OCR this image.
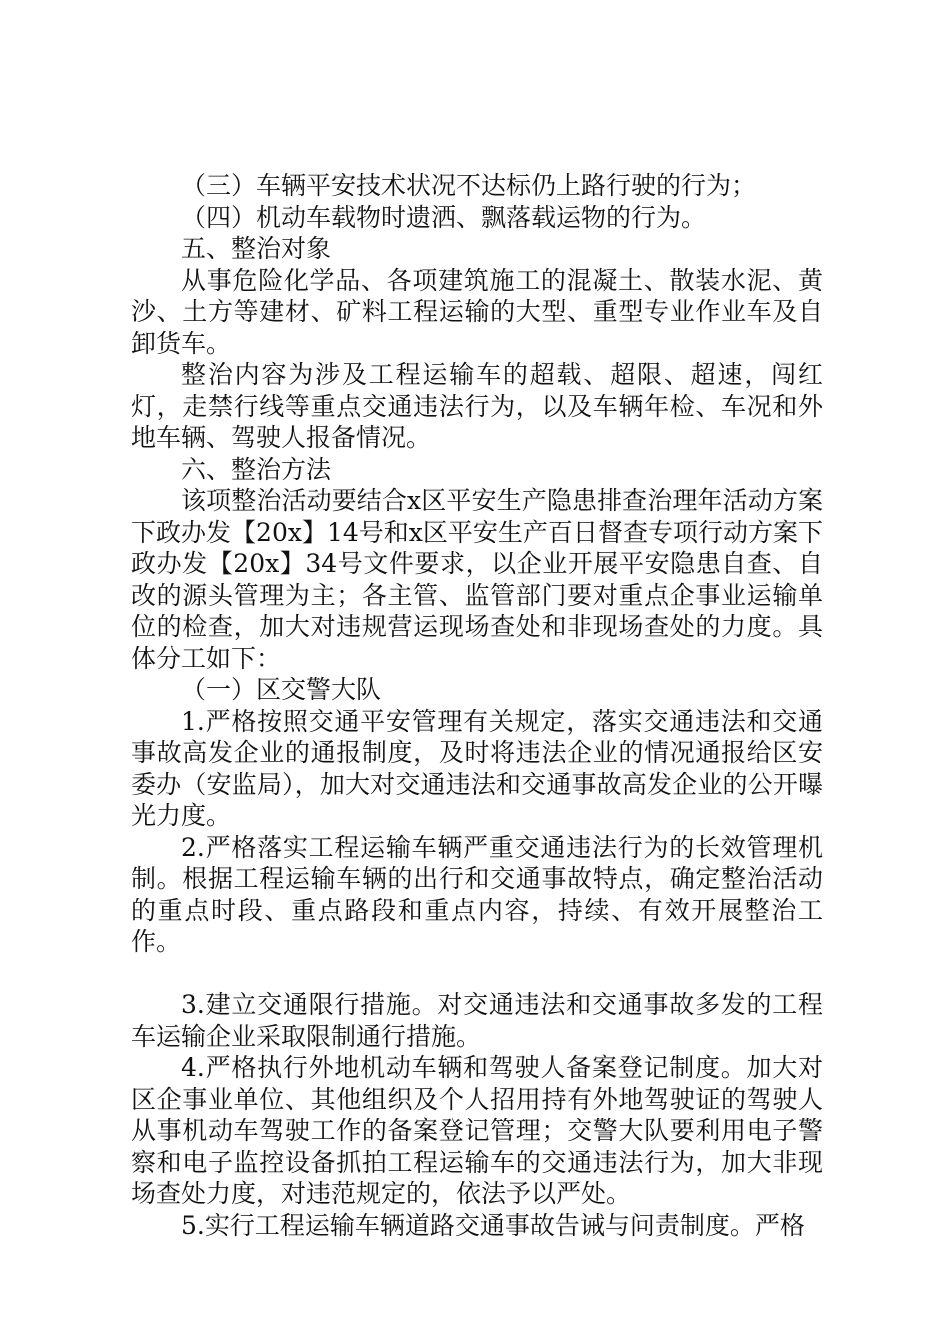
（三）车辆平安技术状况不达标仍上路行驶的行为；

（四）机动车载物时遗洒、飘落载运物的行为。

五、整治对象

从事危险化学品、各项建筑施工的混凝土、散装水泥、黄沙、土方等建材、矿料工程运输的大型、重型专业作业车及自卸货车。

整治内容为涉及工程运输车的超载、超限、超速，闯红灯，走禁行线等重点交通违法行为，以及车辆年检、车况和外地车辆、驾驶人报备情况。

六、整治方法

该项整治活动要结合x区平安生产隐患排查治理年活动方案下政办发【20x】14号和x区平安生产百日督查专项行动方案下政办发【20x】34号文件要求，以企业开展平安隐患自查、自改的源头管理为主；各主管、监管部门要对重点企事业运输单位的检查，加大对违规营运现场查处和非现场查处的力度。具体分工如下：

（一）区交警大队

1.严格按照交通平安管理有关规定，落实交通违法和交通事故高发企业的通报制度，及时将违法企业的情况通报给区安委办（安监局），加大对交通违法和交通事故高发企业的公开曝光力度。

2.严格落实工程运输车辆严重交通违法行为的长效管理机制。根据工程运输车辆的出行和交通事故特点，确定整治活动的重点时段、重点路段和重点内容，持续、有效开展整治工作。

3.建立交通限行措施。对交通违法和交通事故多发的工程车运输企业采取限制通行措施。

4.严格执行外地机动车辆和驾驶人备案登记制度。加大对区企事业单位、其他组织及个人招用持有外地驾驶证的驾驶人从事机动车驾驶工作的备案登记管理；交警大队要利用电子警察和电子监控设备抓拍工程运输车的交通违法行为，加大非现场查处力度，对违范规定的，依法予以严处。

5.实行工程运输车辆道路交通事故告诫与问责制度。严格
